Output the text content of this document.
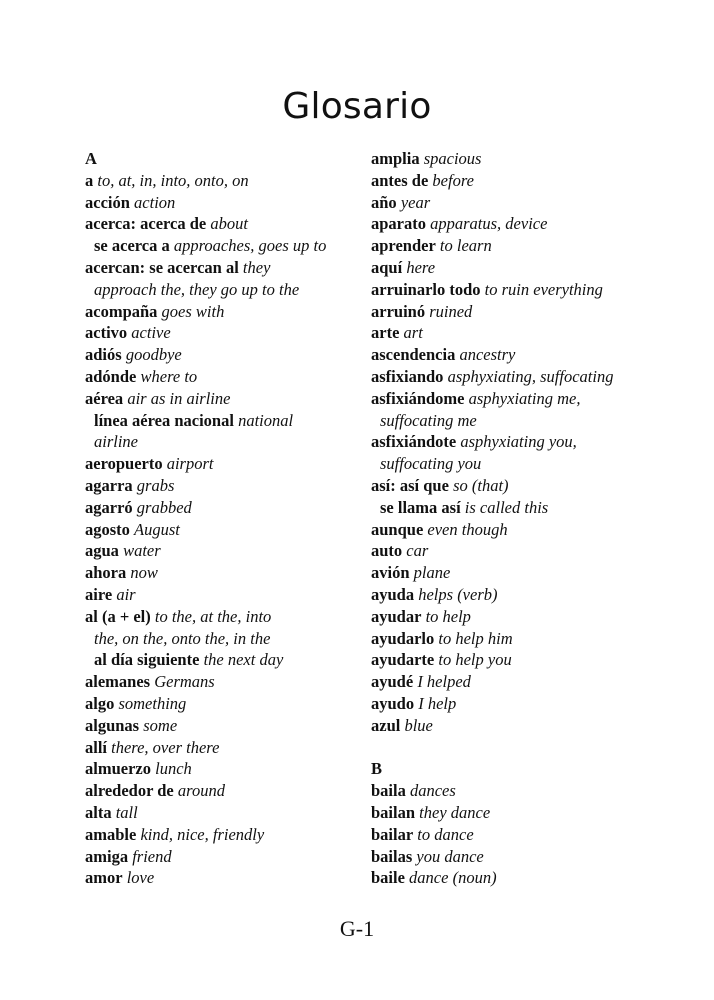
Glosario
A
a to, at, in, into, onto, on
acción action
acerca: acerca de about
se acerca a approaches, goes up to
acercan: se acercan al they
approach the, they go up to the
acompaña goes with
activo active
adiós goodbye
adónde where to
aérea air as in airline
línea aérea nacional national
airline
aeropuerto airport
agarra grabs
agarró grabbed
agosto August
agua water
ahora now
aire air
al (a + el) to the, at the, into
the, on the, onto the, in the
al día siguiente the next day
alemanes Germans
algo something
algunas some
allí there, over there
almuerzo lunch
alrededor de around
alta tall
amable kind, nice, friendly
amiga friend
amor love
amplia spacious
antes de before
año year
aparato apparatus, device
aprender to learn
aquí here
arruinarlo todo to ruin everything
arruinó ruined
arte art
ascendencia ancestry
asfixiando asphyxiating, suffocating
asfixiándome asphyxiating me,
suffocating me
asfixiándote asphyxiating you,
suffocating you
así: así que so (that)
se llama así is called this
aunque even though
auto car
avión plane
ayuda helps (verb)
ayudar to help
ayudarlo to help him
ayudarte to help you
ayudé I helped
ayudo I help
azul blue
B
baila dances
bailan they dance
bailar to dance
bailas you dance
baile dance (noun)
G-1
